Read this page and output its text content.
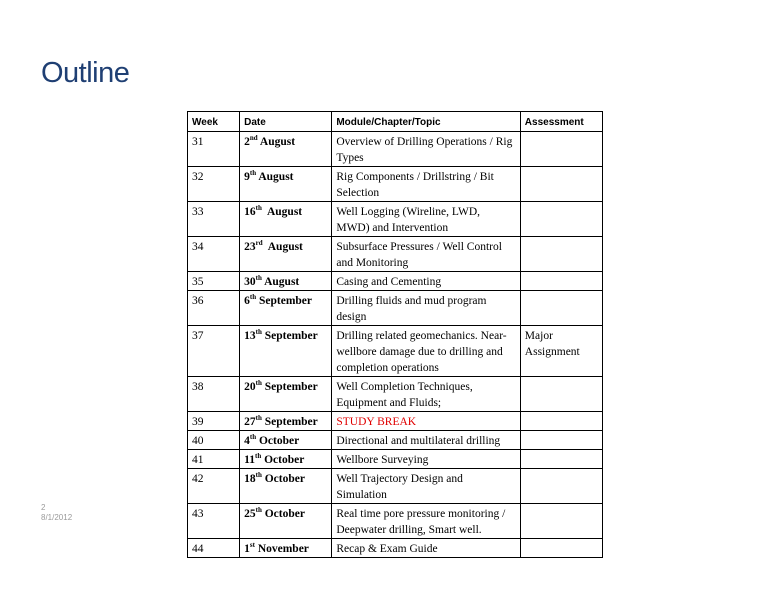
Outline
Week	Date	Module/Chapter/Topic	Assessment
31	2nd August	Overview of Drilling Operations / Rig Types	
32	9th August	Rig Components / Drillstring / Bit Selection	
33	16th  August	Well Logging (Wireline, LWD, MWD) and Intervention	
34	23rd  August	Subsurface Pressures / Well Control and Monitoring	
35	30th August	Casing and Cementing	
36	6th September	Drilling fluids and mud program design	
37	13th September	Drilling related geomechanics. Near-wellbore damage due to drilling and completion operations	Major Assignment
38	20th September	Well Completion Techniques, Equipment and Fluids;	
39	27th September	STUDY BREAK	
40	4th October	Directional and multilateral drilling	
41	11th October	Wellbore Surveying	
42	18th October	Well Trajectory Design and Simulation	
43	25th October	Real time pore pressure monitoring / Deepwater drilling, Smart well.	
44	1st November	Recap & Exam Guide	
2
8/1/2012
